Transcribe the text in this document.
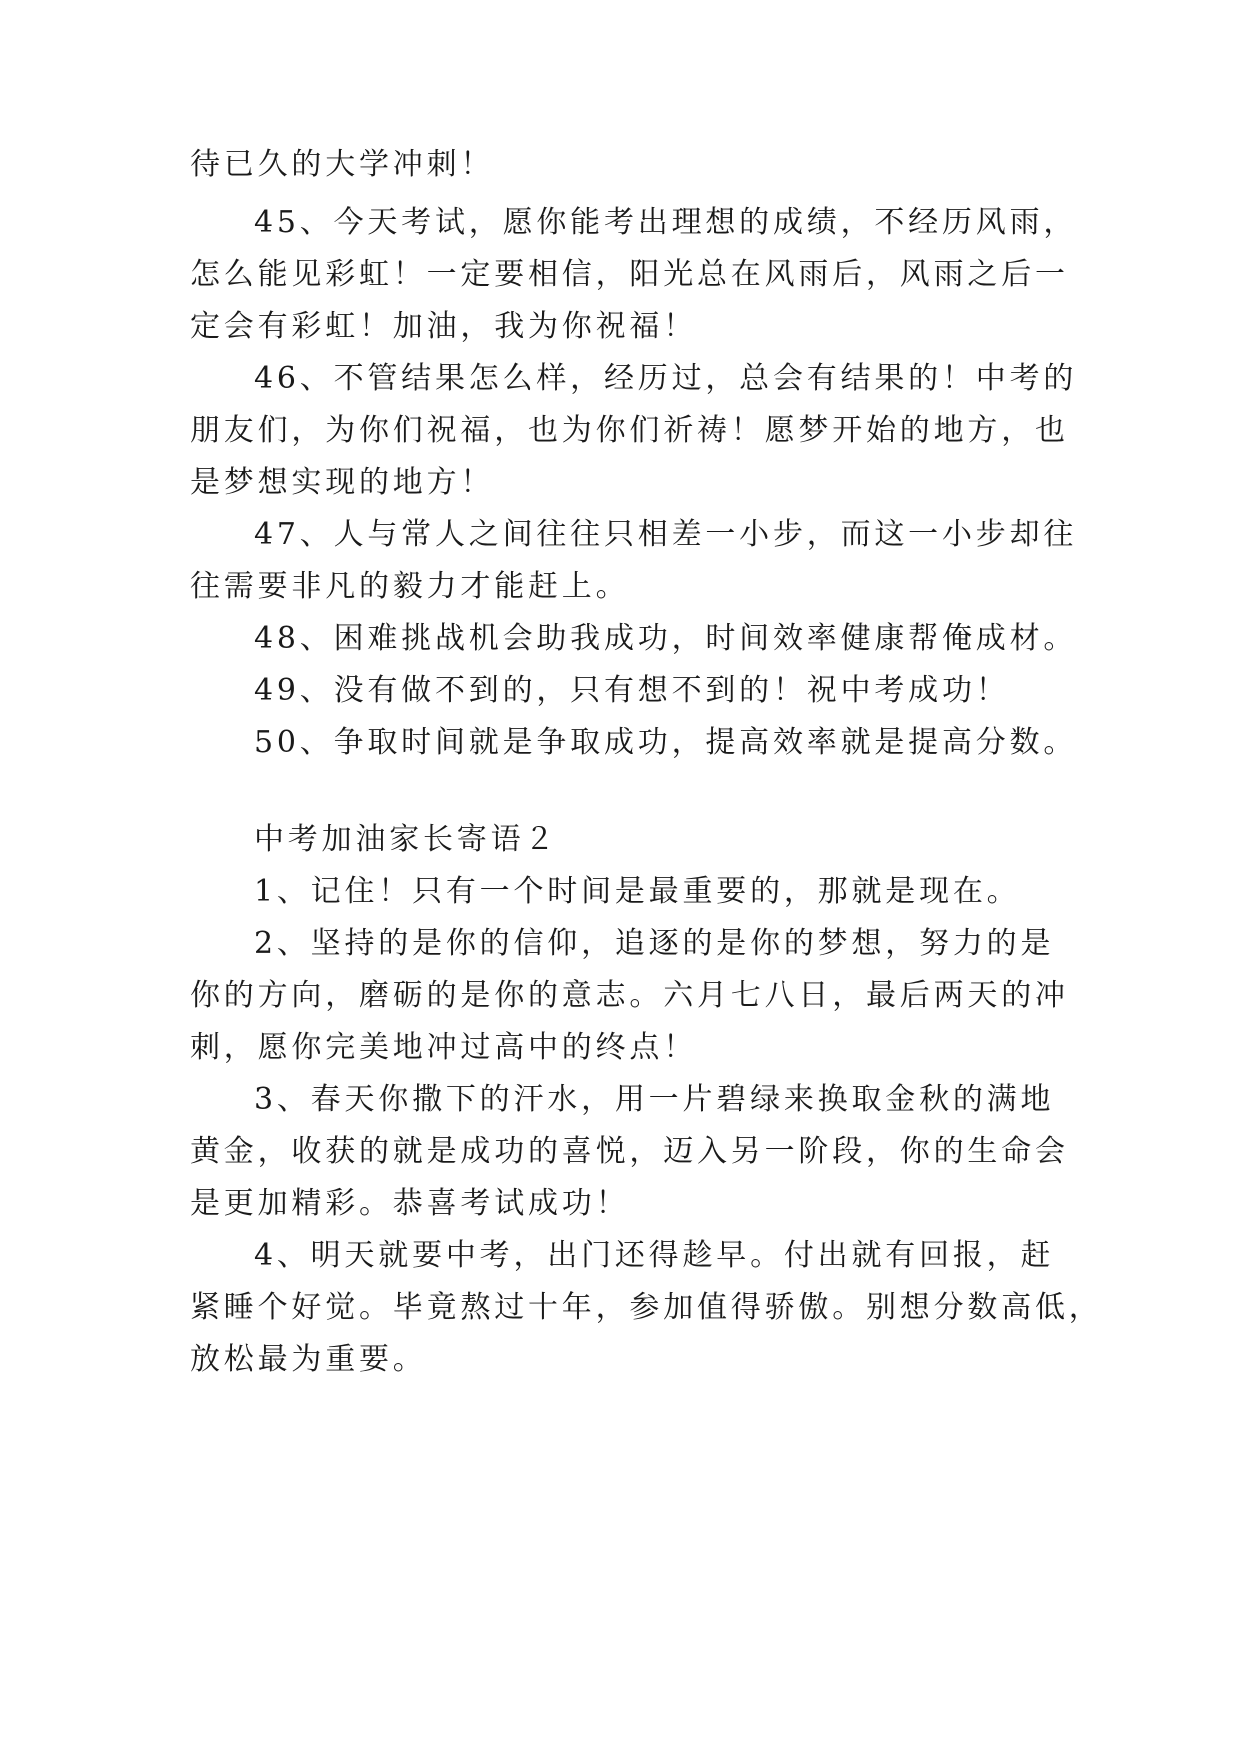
待已久的大学冲刺！
45、今天考试，愿你能考出理想的成绩，不经历风雨，
怎么能见彩虹！一定要相信，阳光总在风雨后，风雨之后一
定会有彩虹！加油，我为你祝福！
46、不管结果怎么样，经历过，总会有结果的！中考的
朋友们，为你们祝福，也为你们祈祷！愿梦开始的地方，也
是梦想实现的地方！
47、人与常人之间往往只相差一小步，而这一小步却往
往需要非凡的毅力才能赶上。
48、困难挑战机会助我成功，时间效率健康帮俺成材。
49、没有做不到的，只有想不到的！祝中考成功！
50、争取时间就是争取成功，提高效率就是提高分数。
中考加油家长寄语２
1、记住！只有一个时间是最重要的，那就是现在。
2、坚持的是你的信仰，追逐的是你的梦想，努力的是
你的方向，磨砺的是你的意志。六月七八日，最后两天的冲
刺，愿你完美地冲过高中的终点！
3、春天你撒下的汗水，用一片碧绿来换取金秋的满地
黄金，收获的就是成功的喜悦，迈入另一阶段，你的生命会
是更加精彩。恭喜考试成功！
4、明天就要中考，出门还得趁早。付出就有回报，赶
紧睡个好觉。毕竟熬过十年，参加值得骄傲。别想分数高低，
放松最为重要。
